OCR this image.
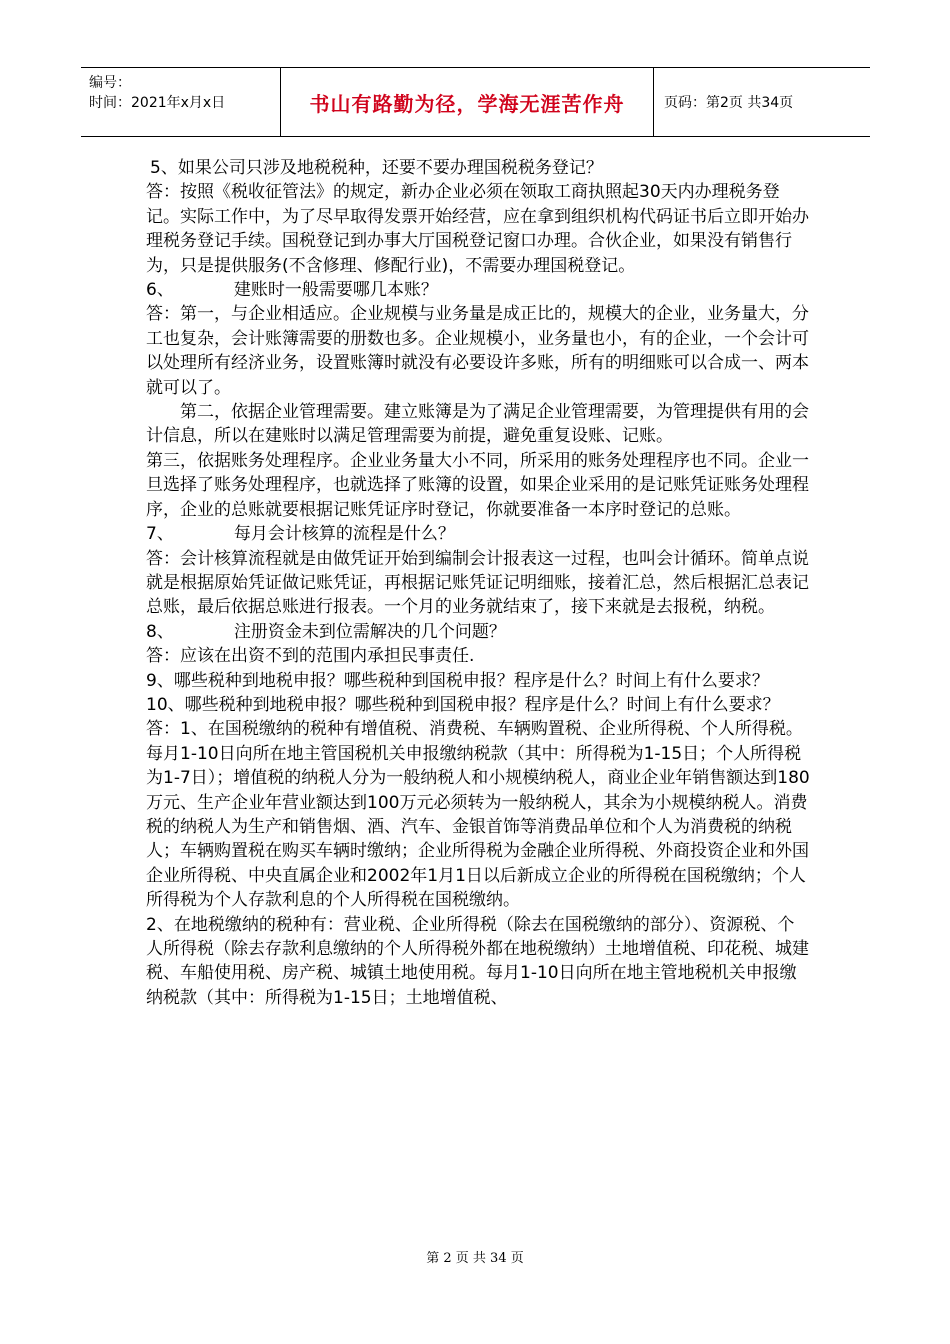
编号：
时间：2021年x月x日	书山有路勤为径，学海无涯苦作舟	页码：第2页 共34页

5、如果公司只涉及地税税种，还要不要办理国税税务登记？

答：按照《税收征管法》的规定，新办企业必须在领取工商执照起30天内办理税务登记。实际工作中，为了尽早取得发票开始经营，应在拿到组织机构代码证书后立即开始办理税务登记手续。国税登记到办事大厅国税登记窗口办理。合伙企业，如果没有销售行为，只是提供服务(不含修理、修配行业)，不需要办理国税登记。

6、	建账时一般需要哪几本账？

答：第一，与企业相适应。企业规模与业务量是成正比的，规模大的企业，业务量大，分工也复杂，会计账簿需要的册数也多。企业规模小，业务量也小，有的企业，一个会计可以处理所有经济业务，设置账簿时就没有必要设许多账，所有的明细账可以合成一、两本就可以了。

第二，依据企业管理需要。建立账簿是为了满足企业管理需要，为管理提供有用的会计信息，所以在建账时以满足管理需要为前提，避免重复设账、记账。

第三，依据账务处理程序。企业业务量大小不同，所采用的账务处理程序也不同。企业一旦选择了账务处理程序，也就选择了账簿的设置，如果企业采用的是记账凭证账务处理程序，企业的总账就要根据记账凭证序时登记，你就要准备一本序时登记的总账。

7、	每月会计核算的流程是什么？

答：会计核算流程就是由做凭证开始到编制会计报表这一过程，也叫会计循环。简单点说就是根据原始凭证做记账凭证，再根据记账凭证记明细账，接着汇总，然后根据汇总表记总账，最后依据总账进行报表。一个月的业务就结束了，接下来就是去报税，纳税。

8、	注册资金未到位需解决的几个问题？

答：应该在出资不到的范围内承担民事责任.

9、哪些税种到地税申报？哪些税种到国税申报？程序是什么？时间上有什么要求？

10、哪些税种到地税申报？哪些税种到国税申报？程序是什么？时间上有什么要求？

答：1、在国税缴纳的税种有增值税、消费税、车辆购置税、企业所得税、个人所得税。每月1-10日向所在地主管国税机关申报缴纳税款（其中：所得税为1-15日；个人所得税为1-7日）；增值税的纳税人分为一般纳税人和小规模纳税人，商业企业年销售额达到180万元、生产企业年营业额达到100万元必须转为一般纳税人，其余为小规模纳税人。消费税的纳税人为生产和销售烟、酒、汽车、金银首饰等消费品单位和个人为消费税的纳税人；车辆购置税在购买车辆时缴纳；企业所得税为金融企业所得税、外商投资企业和外国企业所得税、中央直属企业和2002年1月1日以后新成立企业的所得税在国税缴纳；个人所得税为个人存款利息的个人所得税在国税缴纳。

2、在地税缴纳的税种有：营业税、企业所得税（除去在国税缴纳的部分）、资源税、个人所得税（除去存款利息缴纳的个人所得税外都在地税缴纳）土地增值税、印花税、城建税、车船使用税、房产税、城镇土地使用税。每月1-10日向所在地主管地税机关申报缴纳税款（其中：所得税为1-15日；土地增值税、

第 2 页 共 34 页
